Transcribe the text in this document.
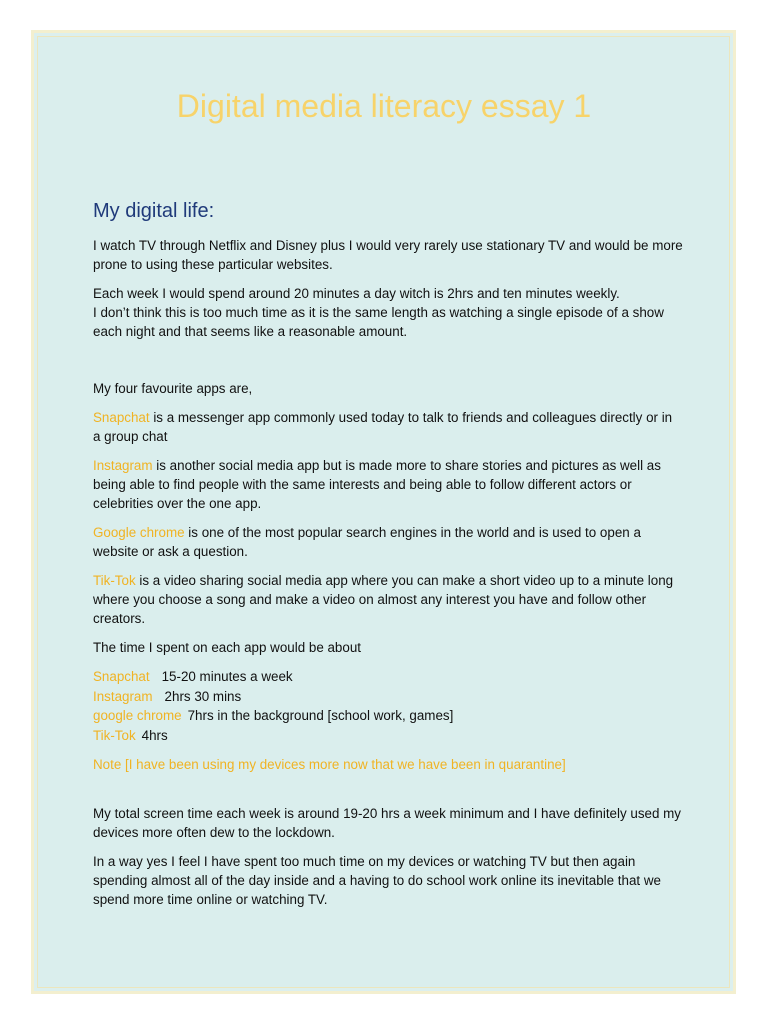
Digital media literacy essay 1
My digital life:

I watch TV through Netflix and Disney plus I would very rarely use stationary TV and would be more prone to using these particular websites.

Each week I would spend around 20 minutes a day witch is 2hrs and ten minutes weekly.
I don’t think this is too much time as it is the same length as watching a single episode of a show each night and that seems like a reasonable amount.

My four favourite apps are,

Snapchat is a messenger app commonly used today to talk to friends and colleagues directly or in a group chat

Instagram is another social media app but is made more to share stories and pictures as well as being able to find people with the same interests and being able to follow different actors or celebrities over the one app.

Google chrome is one of the most popular search engines in the world and is used to open a website or ask a question.

Tik-Tok is a video sharing social media app where you can make a short video up to a minute long where you choose a song and make a video on almost any interest you have and follow other creators.

The time I spent on each app would be about

Snapchat 15-20 minutes a week
Instagram 2hrs 30 mins
google chrome 7hrs in the background [school work, games]
Tik-Tok 4hrs

Note [I have been using my devices more now that we have been in quarantine]

My total screen time each week is around 19-20 hrs a week minimum and I have definitely used my devices more often dew to the lockdown.

In a way yes I feel I have spent too much time on my devices or watching TV but then again spending almost all of the day inside and a having to do school work online its inevitable that we spend more time online or watching TV.
